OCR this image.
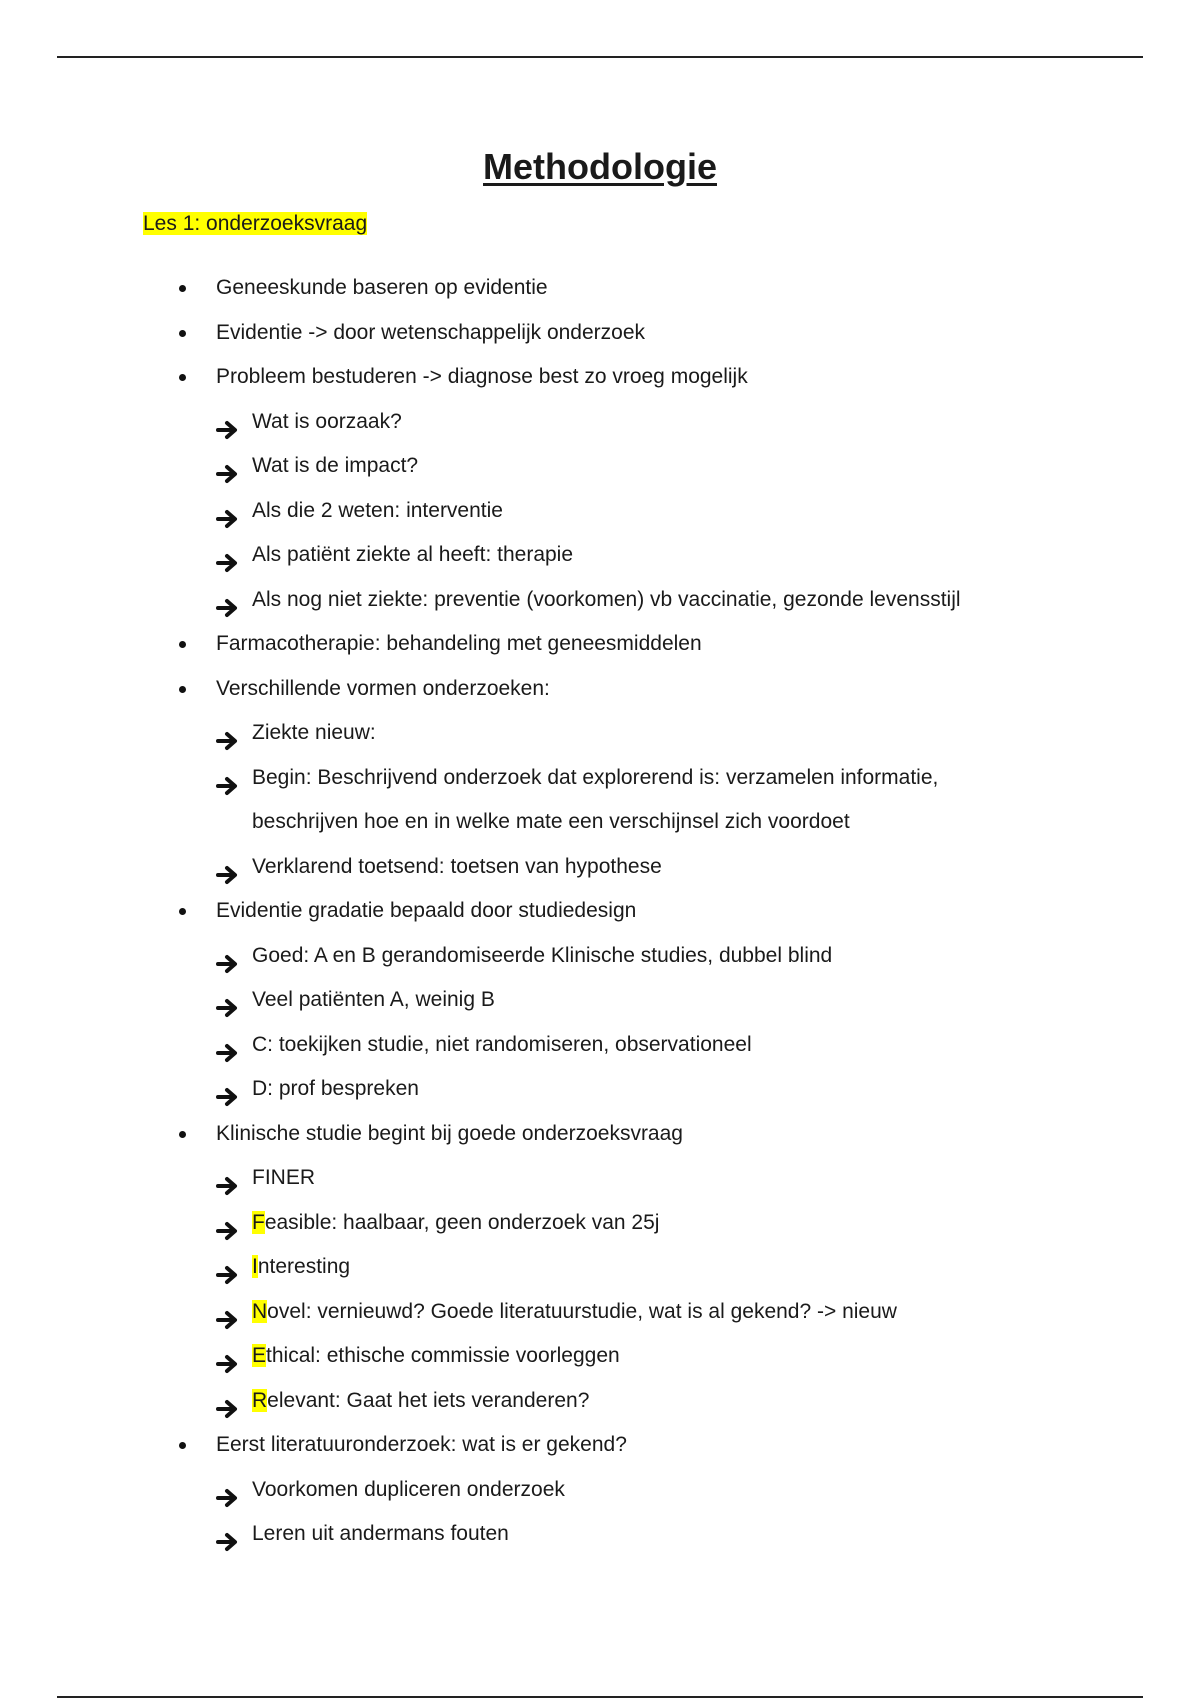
Methodologie
Les 1: onderzoeksvraag
Geneeskunde baseren op evidentie
Evidentie -> door wetenschappelijk onderzoek
Probleem bestuderen -> diagnose best zo vroeg mogelijk
Wat is oorzaak?
Wat is de impact?
Als die 2 weten: interventie
Als patiënt ziekte al heeft: therapie
Als nog niet ziekte: preventie (voorkomen) vb vaccinatie, gezonde levensstijl
Farmacotherapie: behandeling met geneesmiddelen
Verschillende vormen onderzoeken:
Ziekte nieuw:
Begin: Beschrijvend onderzoek dat explorerend is: verzamelen informatie,
beschrijven hoe en in welke mate een verschijnsel zich voordoet
Verklarend toetsend: toetsen van hypothese
Evidentie gradatie bepaald door studiedesign
Goed: A en B gerandomiseerde Klinische studies, dubbel blind
Veel patiënten A, weinig B
C: toekijken studie, niet randomiseren, observationeel
D: prof bespreken
Klinische studie begint bij goede onderzoeksvraag
FINER
Feasible: haalbaar, geen onderzoek van 25j
Interesting
Novel: vernieuwd? Goede literatuurstudie, wat is al gekend? -> nieuw
Ethical: ethische commissie voorleggen
Relevant: Gaat het iets veranderen?
Eerst literatuuronderzoek: wat is er gekend?
Voorkomen dupliceren onderzoek
Leren uit andermans fouten
